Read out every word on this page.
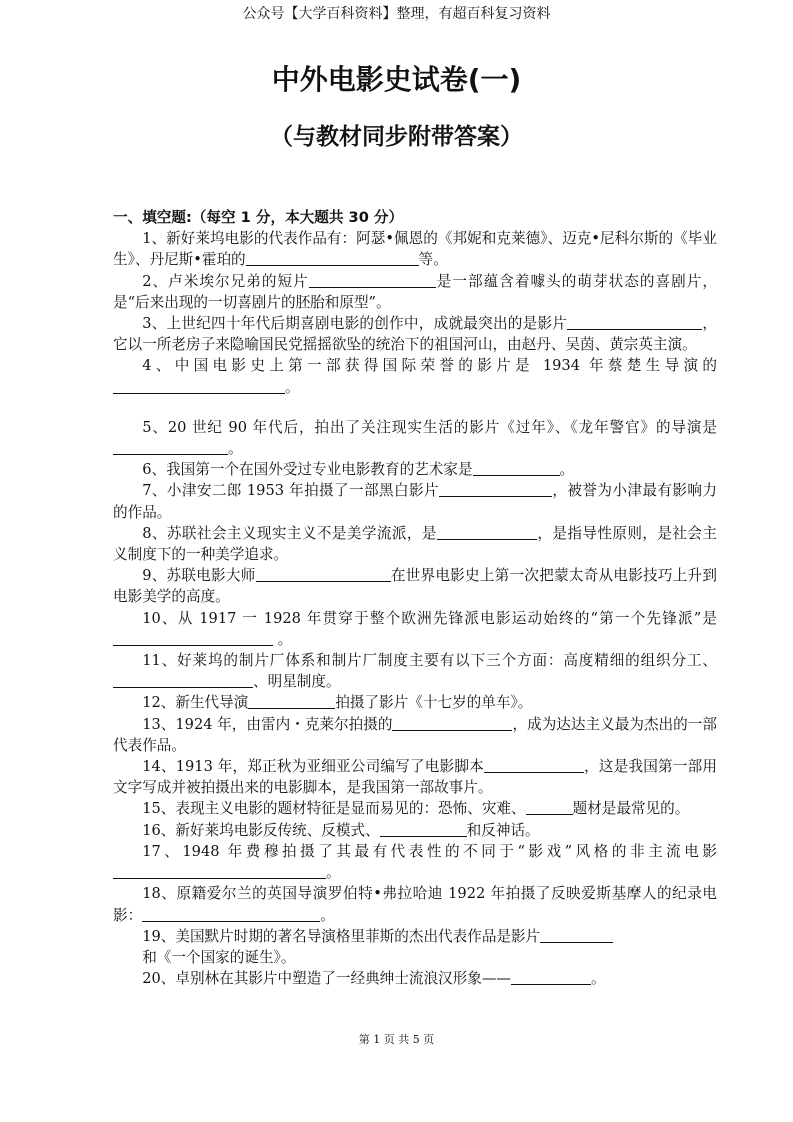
公众号【大学百科资料】整理，有超百科复习资料
中外电影史试卷(一)
（与教材同步附带答案）
一、填空题:（每空 1 分，本大题共 30 分）

1、新好莱坞电影的代表作品有：阿瑟•佩恩的《邦妮和克莱德》、迈克•尼科尔斯的《毕业生》、丹尼斯•霍珀的	等。

2、卢米埃尔兄弟的短片	是一部蕴含着噱头的萌芽状态的喜剧片，是“后来出现的一切喜剧片的胚胎和原型”。

3、上世纪四十年代后期喜剧电影的创作中，成就最突出的是影片	，它以一所老房子来隐喻国民党摇摇欲坠的统治下的祖国河山，由赵丹、吴茵、黄宗英主演。

4、中国电影史上第一部获得国际荣誉的影片是 1934 年蔡楚生导演的。

5、20 世纪 90 年代后，拍出了关注现实生活的影片《过年》、《龙年警官》的导演是。

6、我国第一个在国外受过专业电影教育的艺术家是	。

7、小津安二郎 1953 年拍摄了一部黑白影片	，被誉为小津最有影响力的作品。

8、苏联社会主义现实主义不是美学流派，是	，是指导性原则，是社会主义制度下的一种美学追求。

9、苏联电影大师	在世界电影史上第一次把蒙太奇从电影技巧上升到电影美学的高度。

10、从 1917 一 1928 年贯穿于整个欧洲先锋派电影运动始终的“第一个先锋派”是 。

11、好莱坞的制片厂体系和制片厂制度主要有以下三个方面：高度精细的组织分工、、明星制度。

12、新生代导演	拍摄了影片《十七岁的单车》。

13、1924 年，由雷内・克莱尔拍摄的	，成为达达主义最为杰出的一部代表作品。

14、1913 年，郑正秋为亚细亚公司编写了电影脚本	，这是我国第一部用文字写成并被拍摄出来的电影脚本，是我国第一部故事片。

15、表现主义电影的题材特征是显而易见的：恐怖、灾难、	题材是最常见的。

16、新好莱坞电影反传统、反模式、	和反神话。

17、1948 年费穆拍摄了其最有代表性的不同于“影戏”风格的非主流电影。

18、原籍爱尔兰的英国导演罗伯特•弗拉哈迪 1922 年拍摄了反映爱斯基摩人的纪录电影：	。

19、美国默片时期的著名导演格里菲斯的杰出代表作品是影片
  和《一个国家的诞生》。

20、卓别林在其影片中塑造了一经典绅士流浪汉形象——	。

第 1 页 共 5 页
